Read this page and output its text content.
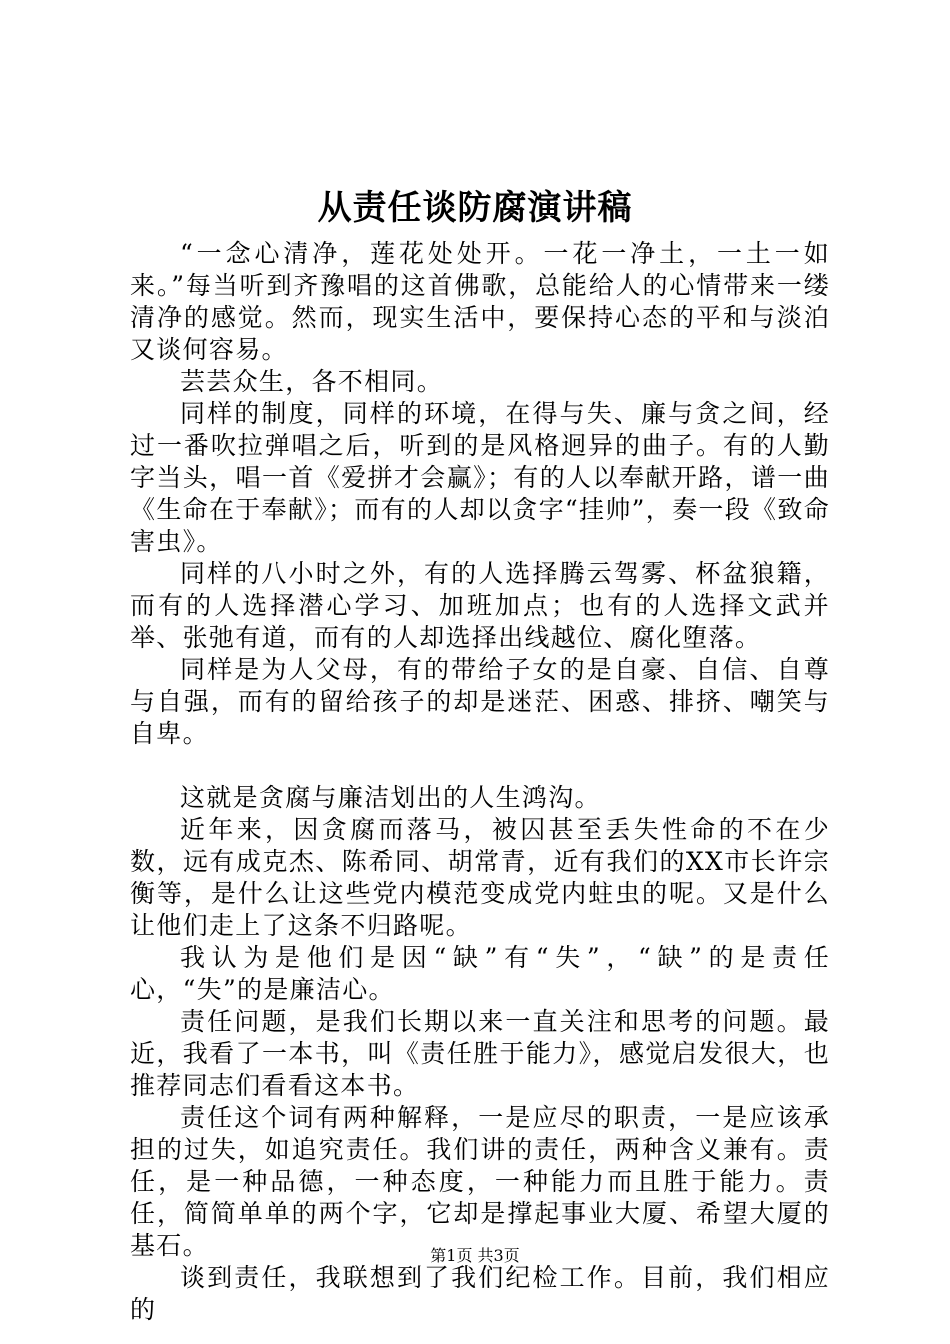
从责任谈防腐演讲稿

“一念心清净，莲花处处开。一花一净土，一土一如来。”每当听到齐豫唱的这首佛歌，总能给人的心情带来一缕清净的感觉。然而，现实生活中，要保持心态的平和与淡泊又谈何容易。

芸芸众生，各不相同。

同样的制度，同样的环境，在得与失、廉与贪之间，经过一番吹拉弹唱之后，听到的是风格迥异的曲子。有的人勤字当头，唱一首《爱拼才会赢》；有的人以奉献开路，谱一曲《生命在于奉献》；而有的人却以贪字“挂帅”，奏一段《致命害虫》。

同样的八小时之外，有的人选择腾云驾雾、杯盆狼籍，而有的人选择潜心学习、加班加点；也有的人选择文武并举、张弛有道，而有的人却选择出线越位、腐化堕落。

同样是为人父母，有的带给子女的是自豪、自信、自尊与自强，而有的留给孩子的却是迷茫、困惑、排挤、嘲笑与自卑。

这就是贪腐与廉洁划出的人生鸿沟。

近年来，因贪腐而落马，被囚甚至丢失性命的不在少数，远有成克杰、陈希同、胡常青，近有我们的XX市长许宗衡等，是什么让这些党内模范变成党内蛀虫的呢。又是什么让他们走上了这条不归路呢。

我认为是他们是因“缺”有“失”，“缺”的是责任心，“失”的是廉洁心。

责任问题，是我们长期以来一直关注和思考的问题。最近，我看了一本书，叫《责任胜于能力》，感觉启发很大，也推荐同志们看看这本书。

责任这个词有两种解释，一是应尽的职责，一是应该承担的过失，如追究责任。我们讲的责任，两种含义兼有。责任，是一种品德，一种态度，一种能力而且胜于能力。责任，简简单单的两个字，它却是撑起事业大厦、希望大厦的基石。

谈到责任，我联想到了我们纪检工作。目前，我们相应的

第1页 共3页
